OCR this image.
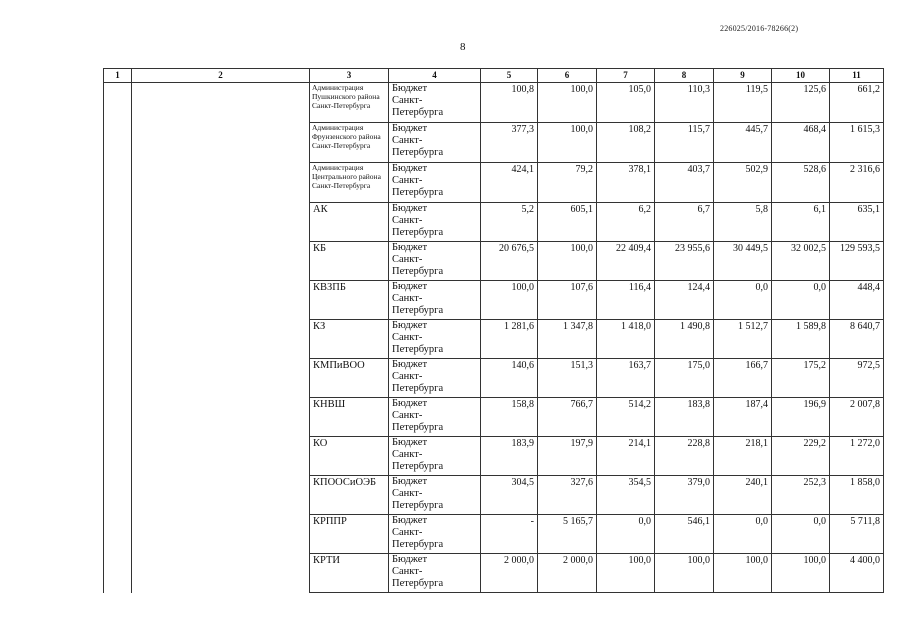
226025/2016-78266(2)
8
1	2	3	4	5	6	7	8	9	10	11
		Администрация Пушкинского района Санкт-Петербурга	Бюджет
Санкт-
Петербурга	100,8	100,0	105,0	110,3	119,5	125,6	661,2
		Администрация Фрунзенского района Санкт-Петербурга	Бюджет
Санкт-
Петербурга	377,3	100,0	108,2	115,7	445,7	468,4	1 615,3
		Администрация Центрального района Санкт-Петербурга	Бюджет
Санкт-
Петербурга	424,1	79,2	378,1	403,7	502,9	528,6	2 316,6
		АК	Бюджет
Санкт-
Петербурга	5,2	605,1	6,2	6,7	5,8	6,1	635,1
		КБ	Бюджет
Санкт-
Петербурга	20 676,5	100,0	22 409,4	23 955,6	30 449,5	32 002,5	129 593,5
		КВЗПБ	Бюджет
Санкт-
Петербурга	100,0	107,6	116,4	124,4	0,0	0,0	448,4
		КЗ	Бюджет
Санкт-
Петербурга	1 281,6	1 347,8	1 418,0	1 490,8	1 512,7	1 589,8	8 640,7
		КМПиВОО	Бюджет
Санкт-
Петербурга	140,6	151,3	163,7	175,0	166,7	175,2	972,5
		КНВШ	Бюджет
Санкт-
Петербурга	158,8	766,7	514,2	183,8	187,4	196,9	2 007,8
		КО	Бюджет
Санкт-
Петербурга	183,9	197,9	214,1	228,8	218,1	229,2	1 272,0
		КПООСиОЭБ	Бюджет
Санкт-
Петербурга	304,5	327,6	354,5	379,0	240,1	252,3	1 858,0
		КРППР	Бюджет
Санкт-
Петербурга	-	5 165,7	0,0	546,1	0,0	0,0	5 711,8
		КРТИ	Бюджет
Санкт-
Петербурга	2 000,0	2 000,0	100,0	100,0	100,0	100,0	4 400,0
